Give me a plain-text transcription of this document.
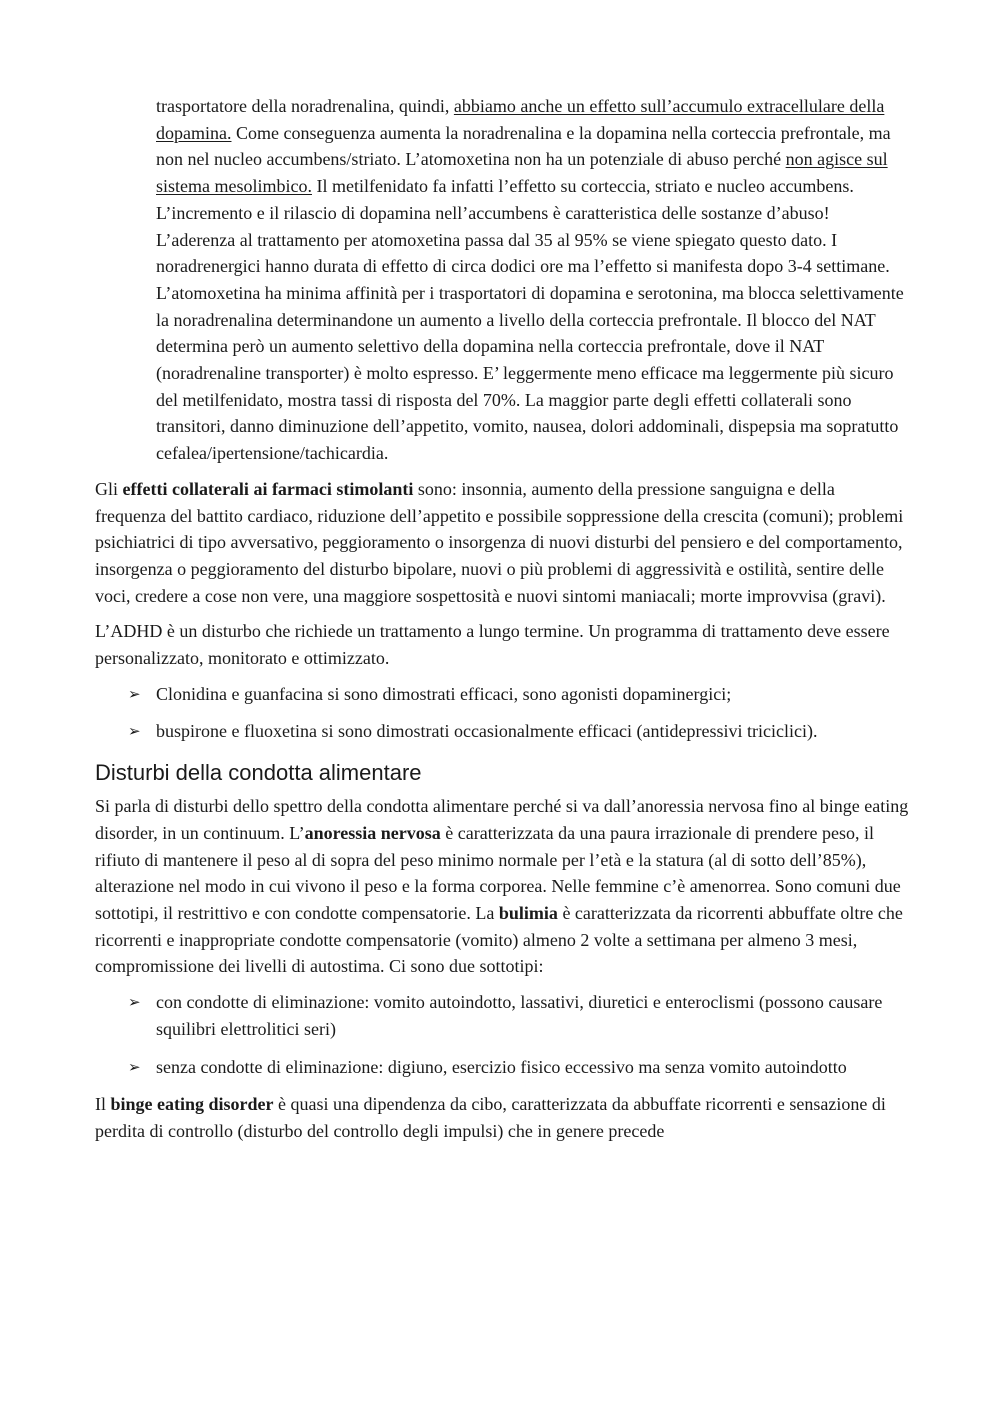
trasportatore della noradrenalina, quindi, abbiamo anche un effetto sull’accumulo extracellulare della dopamina. Come conseguenza aumenta la noradrenalina e la dopamina nella corteccia prefrontale, ma non nel nucleo accumbens/striato. L’atomoxetina non ha un potenziale di abuso perché non agisce sul sistema mesolimbico. Il metilfenidato fa infatti l’effetto su corteccia, striato e nucleo accumbens. L’incremento e il rilascio di dopamina nell’accumbens è caratteristica delle sostanze d’abuso! L’aderenza al trattamento per atomoxetina passa dal 35 al 95% se viene spiegato questo dato. I noradrenergici hanno durata di effetto di circa dodici ore ma l’effetto si manifesta dopo 3-4 settimane. L’atomoxetina ha minima affinità per i trasportatori di dopamina e serotonina, ma blocca selettivamente la noradrenalina determinandone un aumento a livello della corteccia prefrontale. Il blocco del NAT determina però un aumento selettivo della dopamina nella corteccia prefrontale, dove il NAT (noradrenaline transporter) è molto espresso. E’ leggermente meno efficace ma leggermente più sicuro del metilfenidato, mostra tassi di risposta del 70%. La maggior parte degli effetti collaterali sono transitori, danno diminuzione dell’appetito, vomito, nausea, dolori addominali, dispepsia ma sopratutto cefalea/ipertensione/tachicardia.

Gli effetti collaterali ai farmaci stimolanti sono: insonnia, aumento della pressione sanguigna e della frequenza del battito cardiaco, riduzione dell’appetito e possibile soppressione della crescita (comuni); problemi psichiatrici di tipo avversativo, peggioramento o insorgenza di nuovi disturbi del pensiero e del comportamento, insorgenza o peggioramento del disturbo bipolare, nuovi o più problemi di aggressività e ostilità, sentire delle voci, credere a cose non vere, una maggiore sospettosità e nuovi sintomi maniacali; morte improvvisa (gravi).

L’ADHD è un disturbo che richiede un trattamento a lungo termine. Un programma di trattamento deve essere personalizzato, monitorato e ottimizzato.

➢ Clonidina e guanfacina si sono dimostrati efficaci, sono agonisti dopaminergici;
➢ buspirone e fluoxetina si sono dimostrati occasionalmente efficaci (antidepressivi triciclici).
Disturbi della condotta alimentare

Si parla di disturbi dello spettro della condotta alimentare perché si va dall’anoressia nervosa fino al binge eating disorder, in un continuum. L’anoressia nervosa è caratterizzata da una paura irrazionale di prendere peso, il rifiuto di mantenere il peso al di sopra del peso minimo normale per l’età e la statura (al di sotto dell’85%), alterazione nel modo in cui vivono il peso e la forma corporea. Nelle femmine c’è amenorrea. Sono comuni due sottotipi, il restrittivo e con condotte compensatorie. La bulimia è caratterizzata da ricorrenti abbuffate oltre che ricorrenti e inappropriate condotte compensatorie (vomito) almeno 2 volte a settimana per almeno 3 mesi, compromissione dei livelli di autostima. Ci sono due sottotipi:

➢ con condotte di eliminazione: vomito autoindotto, lassativi, diuretici e enteroclismi (possono causare squilibri elettrolitici seri)
➢ senza condotte di eliminazione: digiuno, esercizio fisico eccessivo ma senza vomito autoindotto

Il binge eating disorder è quasi una dipendenza da cibo, caratterizzata da abbuffate ricorrenti e sensazione di perdita di controllo (disturbo del controllo degli impulsi) che in genere precede
